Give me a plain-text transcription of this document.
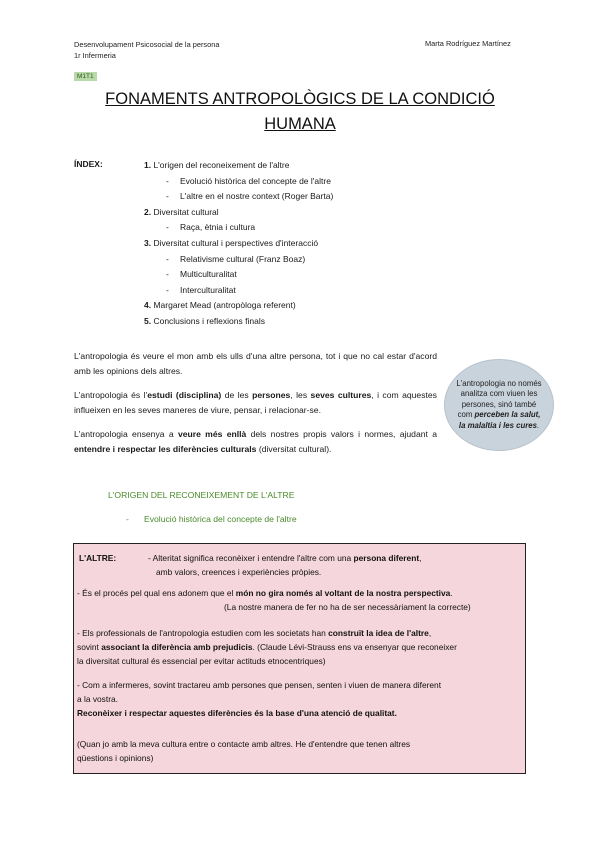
Desenvolupament Psicosocial de la persona
1r Infermeria
Marta Rodríguez Martínez
M1T1
FONAMENTS ANTROPOLÒGICS DE LA CONDICIÓ HUMANA
ÍNDEX:	1. L'origen del reconeixement de l'altre
- Evolució històrica del concepte de l'altre
- L'altre en el nostre context (Roger Barta)
2. Diversitat cultural
- Raça, ètnia i cultura
3. Diversitat cultural i perspectives d'interacció
- Relativisme cultural (Franz Boaz)
- Multiculturalitat
- Interculturalitat
4. Margaret Mead (antropòloga referent)
5. Conclusions i reflexions finals
L'antropologia és veure el mon amb els ulls d'una altre persona, tot i que no cal estar d'acord amb les opinions dels altres.
L'antropologia és l'estudi (disciplina) de les persones, les seves cultures, i com aquestes influeixen en les seves maneres de viure, pensar, i relacionar-se.
L'antropologia ensenya a veure més enllà dels nostres propis valors i normes, ajudant a entendre i respectar les diferències culturals (diversitat cultural).
L'antropologia no només analitza com viuen les persones, sinó també com perceben la salut, la malaltia i les cures.
L'ORIGEN DEL RECONEIXEMENT DE L'ALTRE
- Evolució històrica del concepte de l'altre
L'ALTRE:	- Alteritat significa reconèixer i entendre l'altre com una persona diferent,
amb valors, creences i experiències pròpies.
- És el procés pel qual ens adonem que el món no gira només al voltant de la nostra perspectiva.
(La nostre manera de fer no ha de ser necessàriament la correcte)
- Els professionals de l'antropologia estudien com les societats han construït la idea de l'altre,
sovint associant la diferència amb prejudicis. (Claude Lévi-Strauss ens va ensenyar que reconeixer
la diversitat cultural és essencial per evitar actituds etnocentriques)
- Com a infermeres, sovint tractareu amb persones que pensen, senten i viuen de manera diferent
a la vostra.
Reconèixer i respectar aquestes diferències és la base d'una atenció de qualitat.
(Quan jo amb la meva cultura entre o contacte amb altres. He d'entendre que tenen altres
qüestions i opinions)
